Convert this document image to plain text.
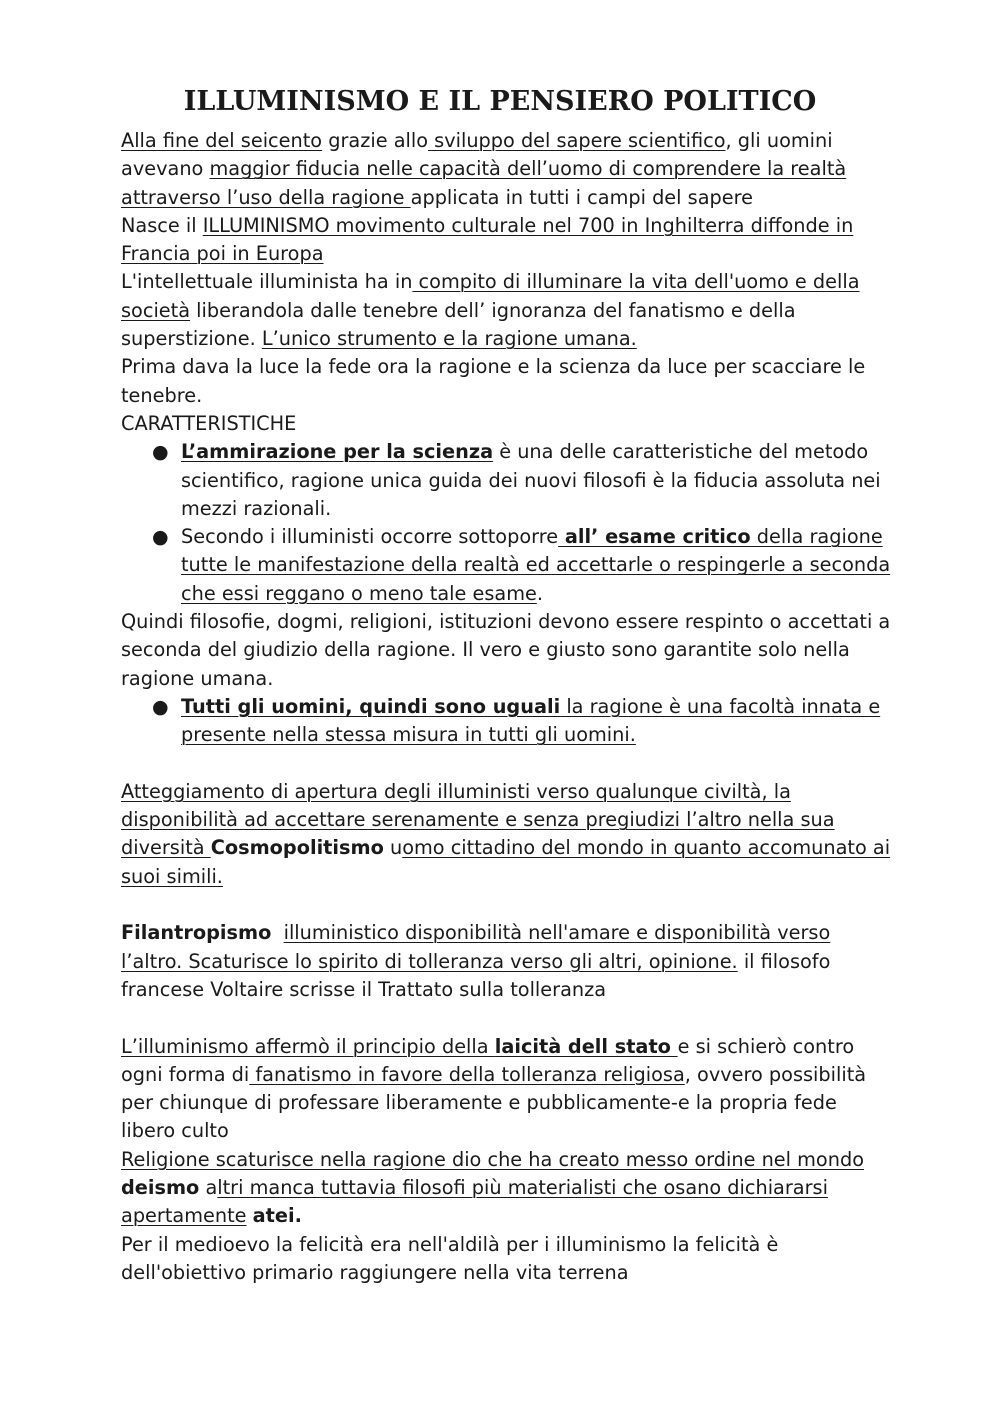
ILLUMINISMO E IL PENSIERO POLITICO

Alla fine del seicento grazie allo sviluppo del sapere scientifico, gli uomini avevano maggior fiducia nelle capacità dell’uomo di comprendere la realtà attraverso l’uso della ragione applicata in tutti i campi del sapere

Nasce il ILLUMINISMO movimento culturale nel 700 in Inghilterra diffonde in Francia poi in Europa

L'intellettuale illuminista ha in compito di illuminare la vita dell'uomo e della società liberandola dalle tenebre dell’ ignoranza del fanatismo e della superstizione. L’unico strumento e la ragione umana.

Prima dava la luce la fede ora la ragione e la scienza da luce per scacciare le tenebre.

CARATTERISTICHE

● L’ammirazione per la scienza è una delle caratteristiche del metodo scientifico, ragione unica guida dei nuovi filosofi è la fiducia assoluta nei mezzi razionali.
● Secondo i illuministi occorre sottoporre all’ esame critico della ragione tutte le manifestazione della realtà ed accettarle o respingerle a seconda che essi reggano o meno tale esame.

Quindi filosofie, dogmi, religioni, istituzioni devono essere respinto o accettati a seconda del giudizio della ragione. Il vero e giusto sono garantite solo nella ragione umana.

● Tutti gli uomini, quindi sono uguali la ragione è una facoltà innata e presente nella stessa misura in tutti gli uomini.

Atteggiamento di apertura degli illuministi verso qualunque civiltà, la disponibilità ad accettare serenamente e senza pregiudizi l’altro nella sua diversità Cosmopolitismo uomo cittadino del mondo in quanto accomunato ai suoi simili.

Filantropismo illuministico disponibilità nell'amare e disponibilità verso l’altro. Scaturisce lo spirito di tolleranza verso gli altri, opinione. il filosofo francese Voltaire scrisse il Trattato sulla tolleranza

L’illuminismo affermò il principio della laicità dell stato e si schierò contro ogni forma di fanatismo in favore della tolleranza religiosa, ovvero possibilità per chiunque di professare liberamente e pubblicamente-e la propria fede libero culto

Religione scaturisce nella ragione dio che ha creato messo ordine nel mondo deismo altri manca tuttavia filosofi più materialisti che osano dichiararsi apertamente atei.

Per il medioevo la felicità era nell'aldilà per i illuminismo la felicità è dell'obiettivo primario raggiungere nella vita terrena
